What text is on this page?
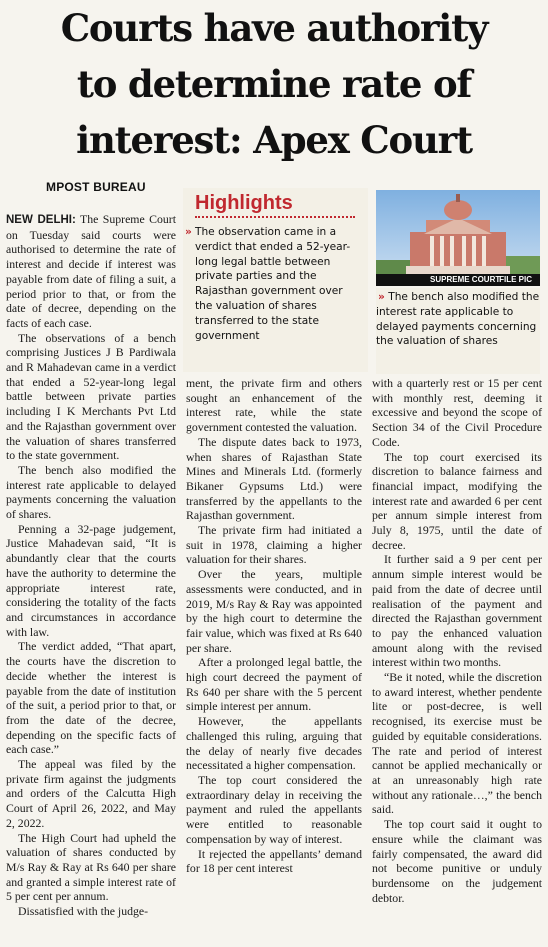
Courts have authority
to determine rate of
interest: Apex Court
MPOST BUREAU

NEW DELHI: The Supreme Court on Tuesday said courts were authorised to determine the rate of interest and decide if interest was payable from date of filing a suit, a period prior to that, or from the date of decree, depending on the facts of each case.

The observations of a bench comprising Justices J B Pardiwala and R Mahadevan came in a verdict that ended a 52-year-long legal battle between private parties including I K Merchants Pvt Ltd and the Rajasthan government over the valuation of shares transferred to the state government.

The bench also modified the interest rate applicable to delayed payments concerning the valuation of shares.

Penning a 32-page judgement, Justice Mahadevan said, “It is abundantly clear that the courts have the authority to determine the appropriate interest rate, considering the totality of the facts and circumstances in accordance with law.

The verdict added, “That apart, the courts have the discretion to decide whether the interest is payable from the date of institution of the suit, a period prior to that, or from the date of the decree, depending on the specific facts of each case.”

The appeal was filed by the private firm against the judgments and orders of the Calcutta High Court of April 26, 2022, and May 2, 2022.

The High Court had upheld the valuation of shares conducted by M/s Ray & Ray at Rs 640 per share and granted a simple interest rate of 5 per cent per annum.

Dissatisfied with the judge-

Highlights
» The observation came in a verdict that ended a 52-year-long legal battle between private parties and the Rajasthan government over the valuation of shares transferred to the state government
SUPREME COURT
FILE PIC
» The bench also modified the interest rate applicable to delayed payments concerning the valuation of shares

ment, the private firm and others sought an enhancement of the interest rate, while the state government contested the valuation.

The dispute dates back to 1973, when shares of Rajasthan State Mines and Minerals Ltd. (formerly Bikaner Gypsums Ltd.) were transferred by the appellants to the Rajasthan government.

The private firm had initiated a suit in 1978, claiming a higher valuation for their shares.

Over the years, multiple assessments were conducted, and in 2019, M/s Ray & Ray was appointed by the high court to determine the fair value, which was fixed at Rs 640 per share.

After a prolonged legal battle, the high court decreed the payment of Rs 640 per share with the 5 percent simple interest per annum.

However, the appellants challenged this ruling, arguing that the delay of nearly five decades necessitated a higher compensation.

The top court considered the extraordinary delay in receiving the payment and ruled the appellants were entitled to reasonable compensation by way of interest.

It rejected the appellants’ demand for 18 per cent interest

with a quarterly rest or 15 per cent with monthly rest, deeming it excessive and beyond the scope of Section 34 of the Civil Procedure Code.

The top court exercised its discretion to balance fairness and financial impact, modifying the interest rate and awarded 6 per cent per annum simple interest from July 8, 1975, until the date of decree.

It further said a 9 per cent per annum simple interest would be paid from the date of decree until realisation of the payment and directed the Rajasthan government to pay the enhanced valuation amount along with the revised interest within two months.

“Be it noted, while the discretion to award interest, whether pendente lite or post-decree, is well recognised, its exercise must be guided by equitable considerations. The rate and period of interest cannot be applied mechanically or at an unreasonably high rate without any rationale…,” the bench said.

The top court said it ought to ensure while the claimant was fairly compensated, the award did not become punitive or unduly burdensome on the judgement debtor.
